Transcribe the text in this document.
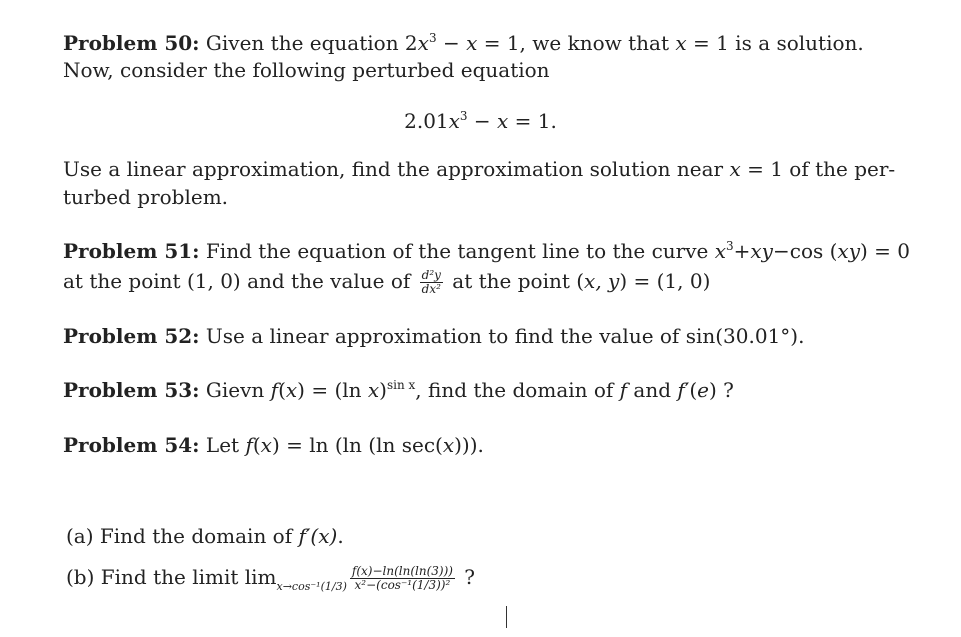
Problem 50: Given the equation $2x^3 - x = 1$, we know that x = 1 is a solution.
Now, consider the following perturbed equation
$2.01x^3 - x = 1$.
Use a linear approximation, find the approximation solution near x = 1 of the per-
turbed problem.
Problem 51: Find the equation of the tangent line to the curve $x^3+xy-\cos$ (xy) = 0
at the point (1, 0) and the value of $\frac{\text{d²y}}{\text{dx²}}$ at the point (x, y) = (1, 0)
Problem 52: Use a linear approximation to find the value of sin(30.01°).
Problem 53: Gievn f(x) = (ln x)$^{sin x}$, find the domain of f and f′(e) ?
Problem 54: Let f(x) = ln (ln (ln sec(x))).
(a) Find the domain of f′(x).
(b) Find the limit $\lim_{x\to cos^{-1}(1/3)} \frac{f(x)-\ln(\ln(\ln(3)))}{\text{x²−(cos⁻¹(1/3))²}}$ ?
